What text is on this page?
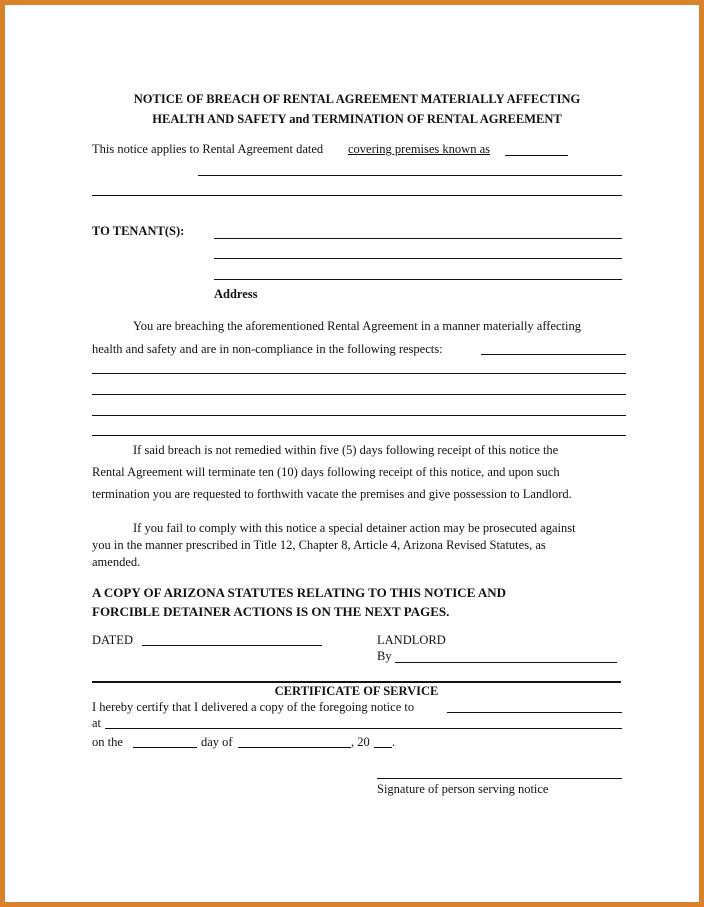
NOTICE OF BREACH OF RENTAL AGREEMENT MATERIALLY AFFECTING
HEALTH AND SAFETY and TERMINATION OF RENTAL AGREEMENT
This notice applies to Rental Agreement dated covering premises known as
TO TENANT(S):
Address
You are breaching the aforementioned Rental Agreement in a manner materially affecting
health and safety and are in non-compliance in the following respects:
If said breach is not remedied within five (5) days following receipt of this notice the
Rental Agreement will terminate ten (10) days following receipt of this notice, and upon such
termination you are requested to forthwith vacate the premises and give possession to Landlord.
If you fail to comply with this notice a special detainer action may be prosecuted against
you in the manner prescribed in Title 12, Chapter 8, Article 4, Arizona Revised Statutes, as
amended.
A COPY OF ARIZONA STATUTES RELATING TO THIS NOTICE AND
FORCIBLE DETAINER ACTIONS IS ON THE NEXT PAGES.
DATED	LANDLORD
By
CERTIFICATE OF SERVICE
I hereby certify that I delivered a copy of the foregoing notice to
at
on the	day of	, 20 .
Signature of person serving notice
